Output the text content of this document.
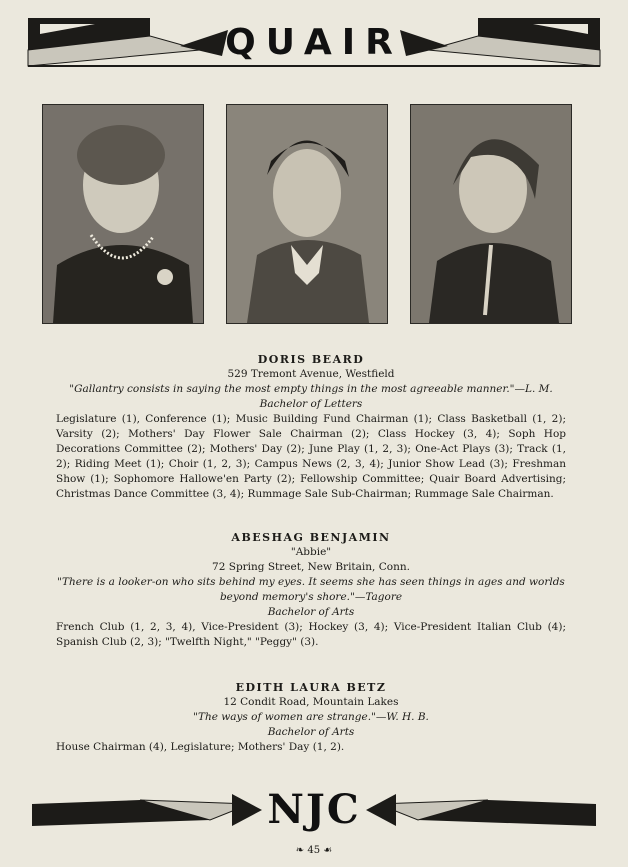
QUAIR
DORIS BEARD
529 Tremont Avenue, Westfield
"Gallantry consists in saying the most empty things in the most agreeable manner."—L. M.
Bachelor of Letters
Legislature (1), Conference (1); Music Building Fund Chairman (1); Class Basketball (1, 2); Varsity (2); Mothers' Day Flower Sale Chairman (2); Class Hockey (3, 4); Soph Hop Decorations Committee (2); Mothers' Day (2); June Play (1, 2, 3); One-Act Plays (3); Track (1, 2); Riding Meet (1); Choir (1, 2, 3); Campus News (2, 3, 4); Junior Show Lead (3); Freshman Show (1); Sophomore Hallowe'en Party (2); Fellowship Committee; Quair Board Advertising; Christmas Dance Committee (3, 4); Rummage Sale Sub-Chairman; Rummage Sale Chairman.
ABESHAG BENJAMIN
"Abbie"
72 Spring Street, New Britain, Conn.
"There is a looker-on who sits behind my eyes. It seems she has seen things in ages and worlds beyond memory's shore."—Tagore
Bachelor of Arts
French Club (1, 2, 3, 4), Vice-President (3); Hockey (3, 4); Vice-President Italian Club (4); Spanish Club (2, 3); "Twelfth Night," "Peggy" (3).
EDITH LAURA BETZ
12 Condit Road, Mountain Lakes
"The ways of women are strange."—W. H. B.
Bachelor of Arts
House Chairman (4), Legislature; Mothers' Day (1, 2).
NJC
❧ 45 ☙
